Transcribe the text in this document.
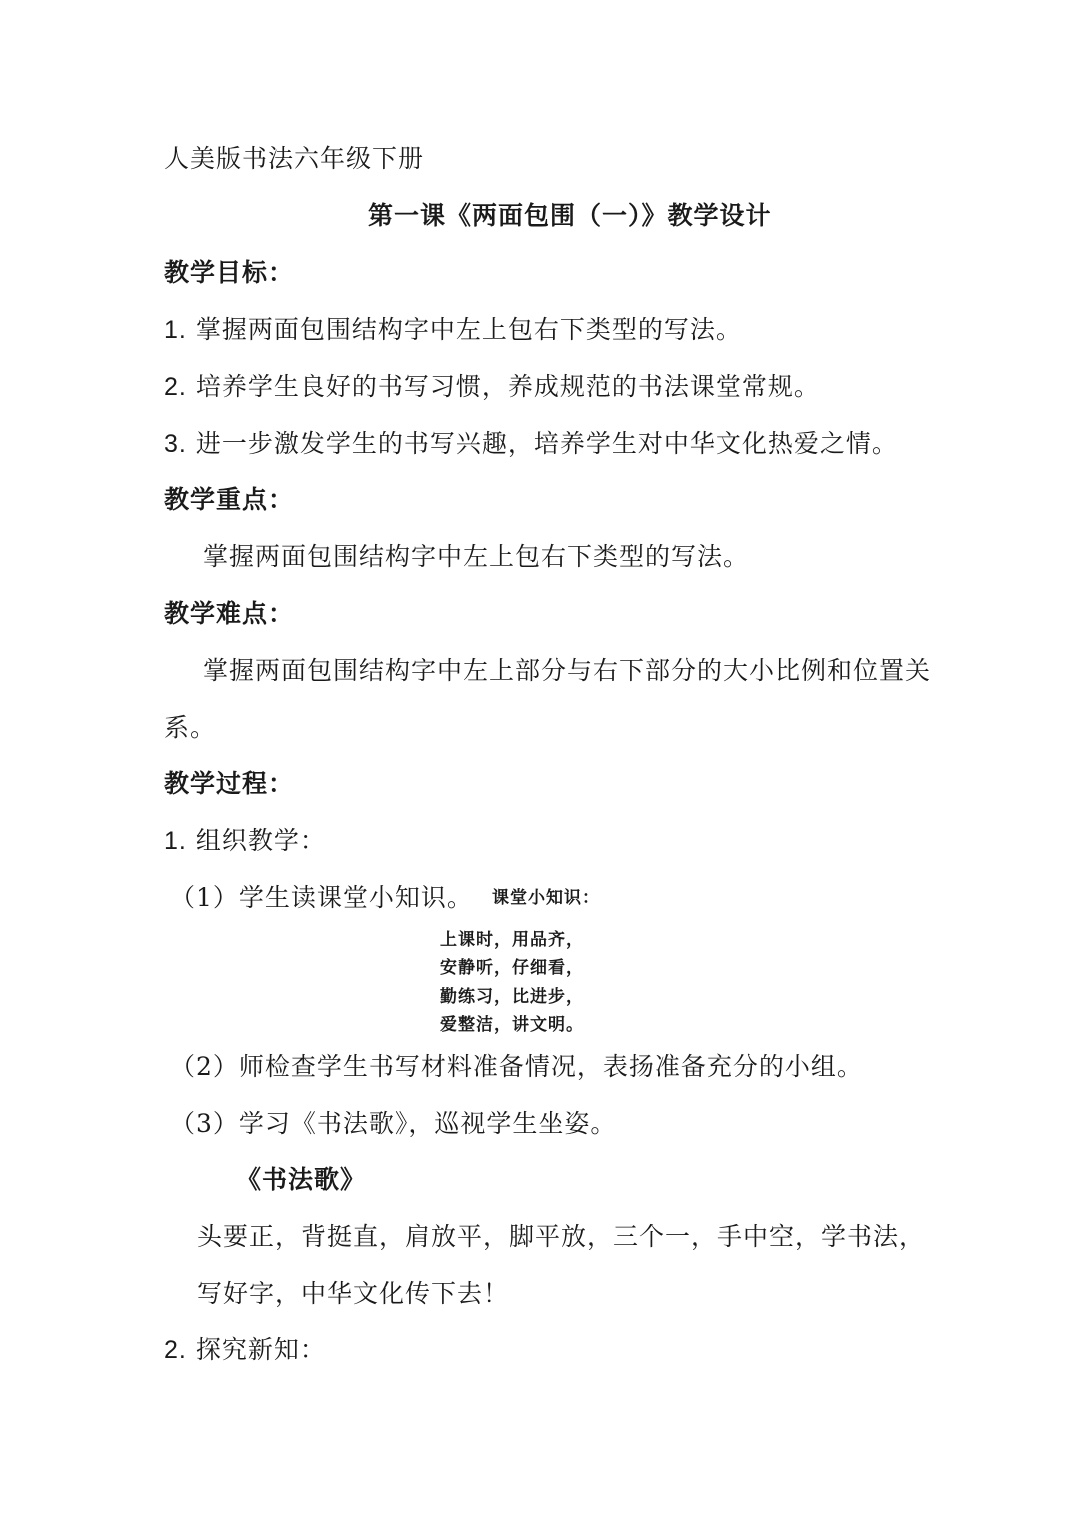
人美版书法六年级下册
第一课《两面包围（一）》教学设计
教学目标：
1. 掌握两面包围结构字中左上包右下类型的写法。
2. 培养学生良好的书写习惯，养成规范的书法课堂常规。
3. 进一步激发学生的书写兴趣，培养学生对中华文化热爱之情。
教学重点：
掌握两面包围结构字中左上包右下类型的写法。
教学难点：
掌握两面包围结构字中左上部分与右下部分的大小比例和位置关
系。
教学过程：
1. 组织教学：
（1）学生读课堂小知识。 课堂小知识：
上课时，用品齐，
安静听，仔细看，
勤练习，比进步，
爱整洁，讲文明。
（2）师检查学生书写材料准备情况，表扬准备充分的小组。
（3）学习《书法歌》，巡视学生坐姿。
《书法歌》
头要正，背挺直，肩放平，脚平放，三个一，手中空，学书法，
写好字，中华文化传下去！
2. 探究新知：
